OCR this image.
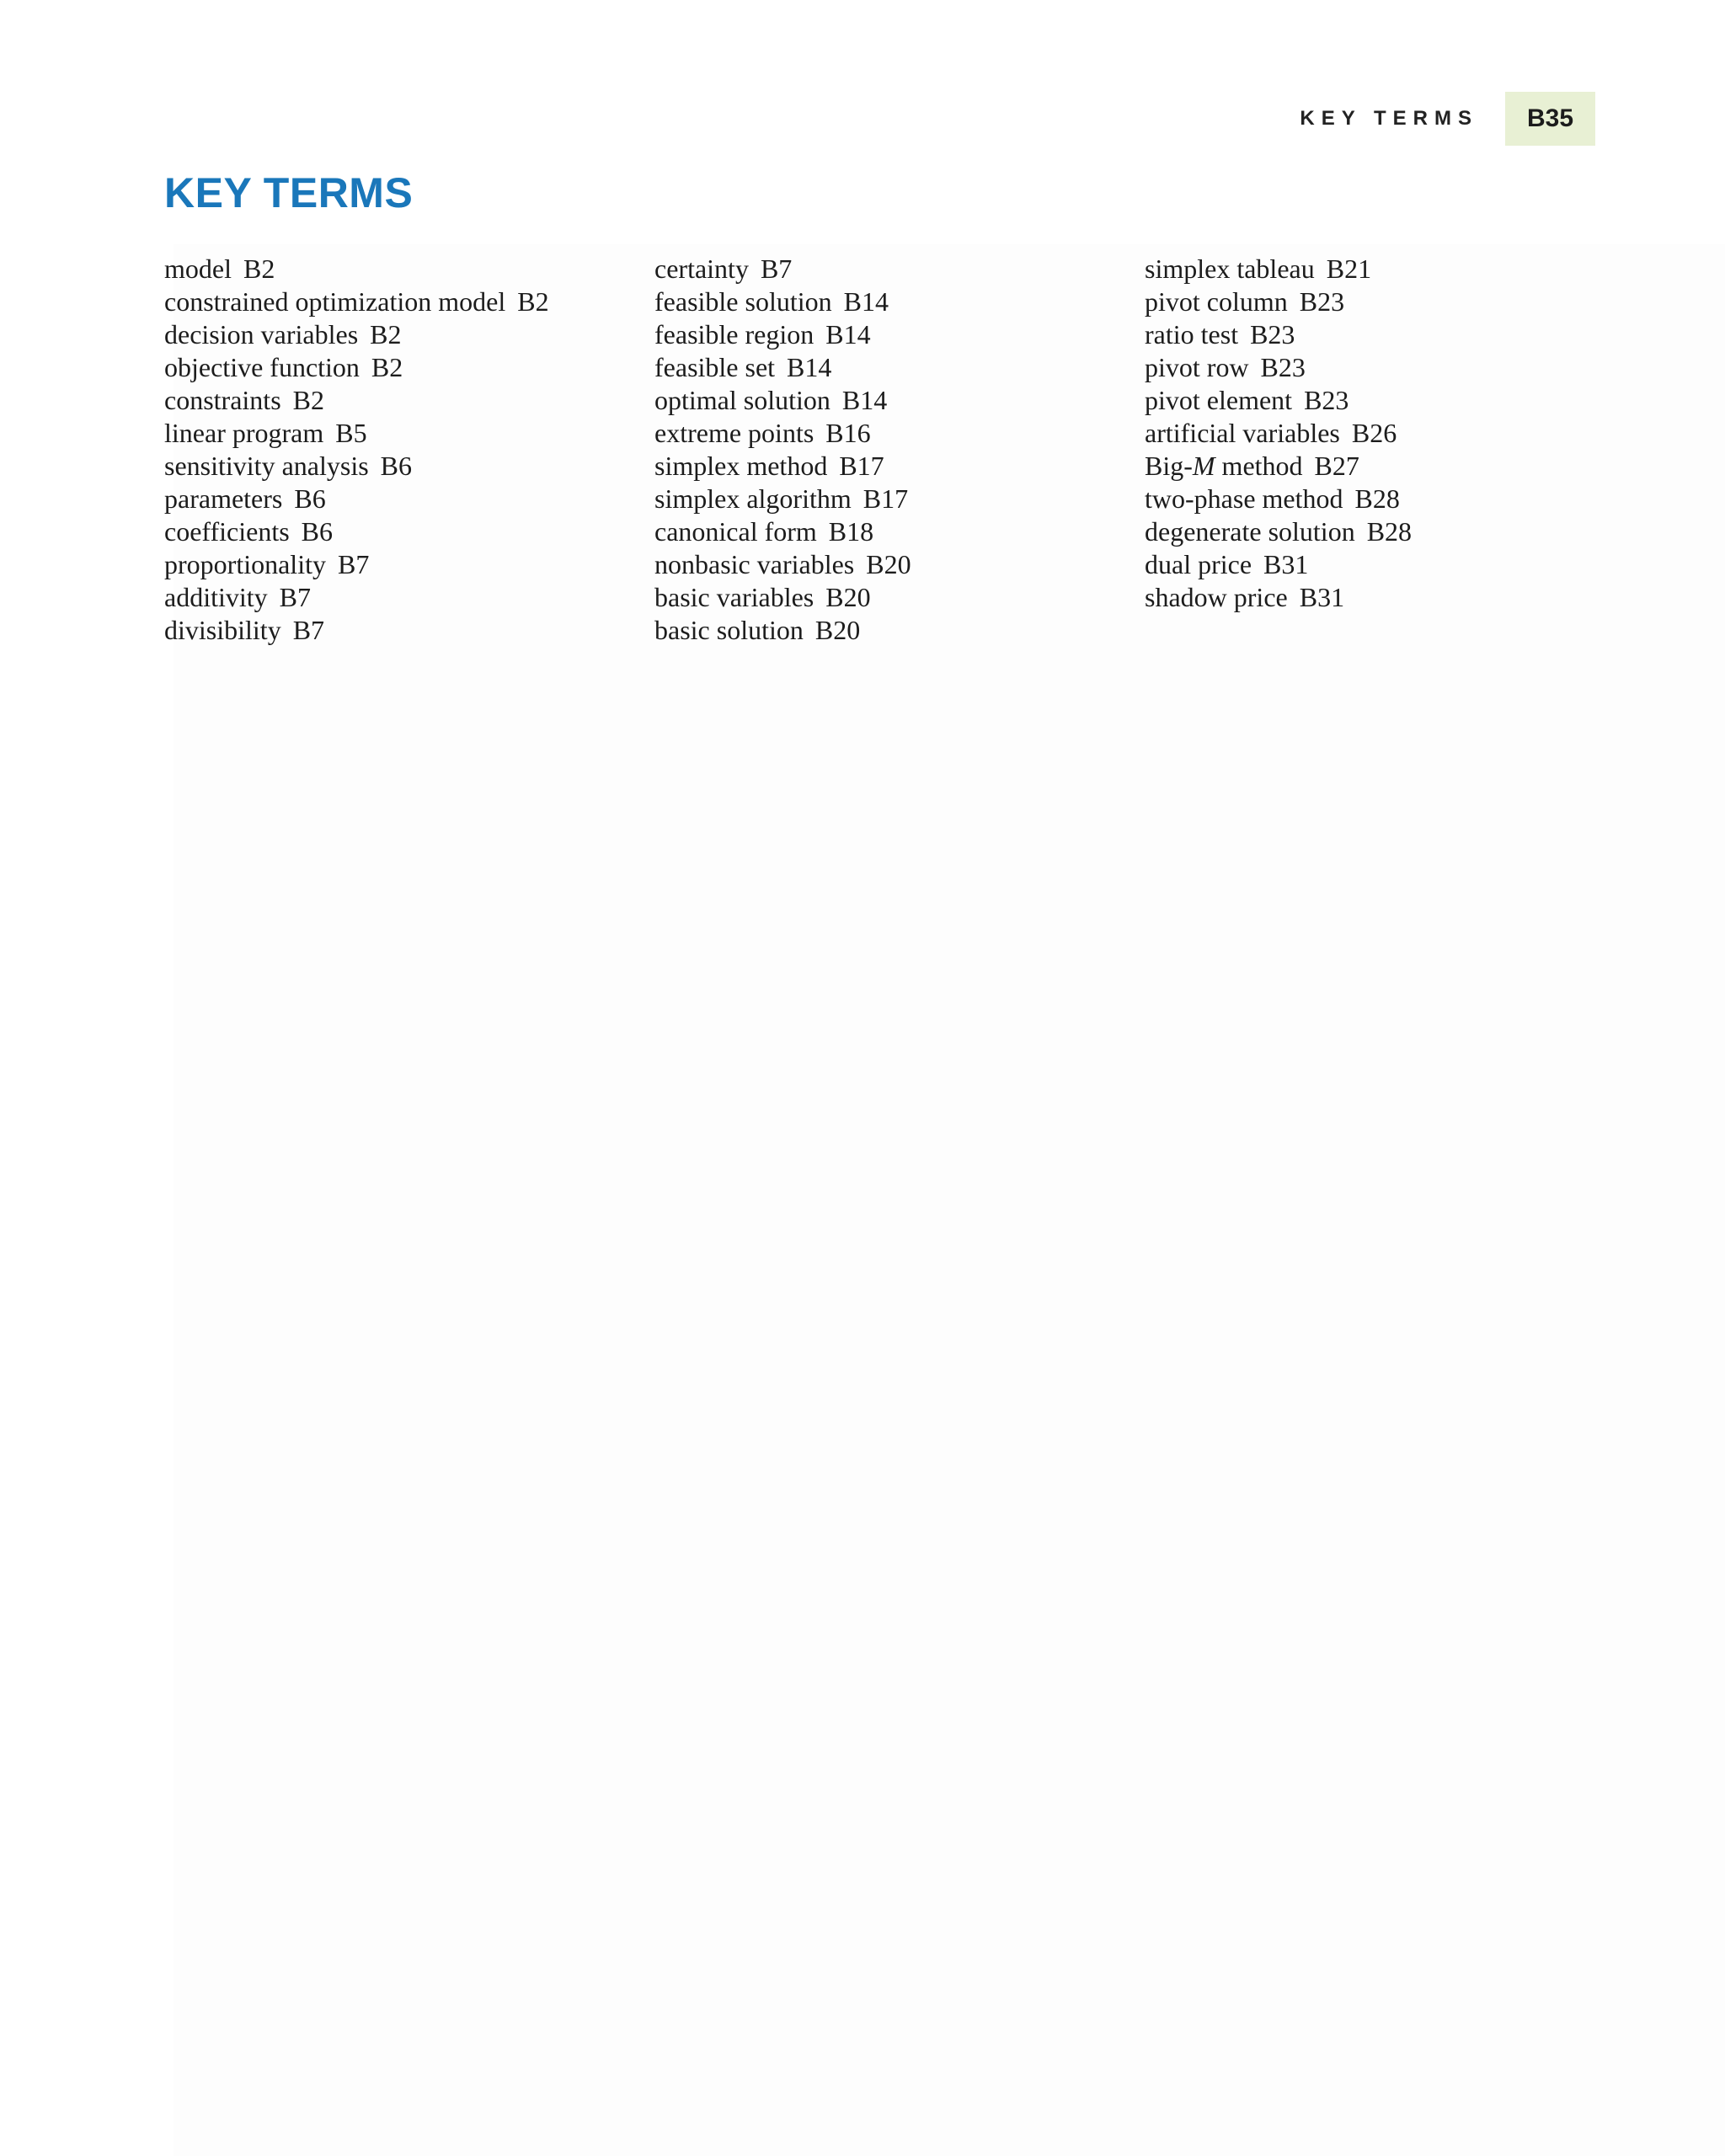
KEY TERMS	B35
KEY TERMS
model B2
constrained optimization model B2
decision variables B2
objective function B2
constraints B2
linear program B5
sensitivity analysis B6
parameters B6
coefficients B6
proportionality B7
additivity B7
divisibility B7
certainty B7
feasible solution B14
feasible region B14
feasible set B14
optimal solution B14
extreme points B16
simplex method B17
simplex algorithm B17
canonical form B18
nonbasic variables B20
basic variables B20
basic solution B20
simplex tableau B21
pivot column B23
ratio test B23
pivot row B23
pivot element B23
artificial variables B26
Big-M method B27
two-phase method B28
degenerate solution B28
dual price B31
shadow price B31
